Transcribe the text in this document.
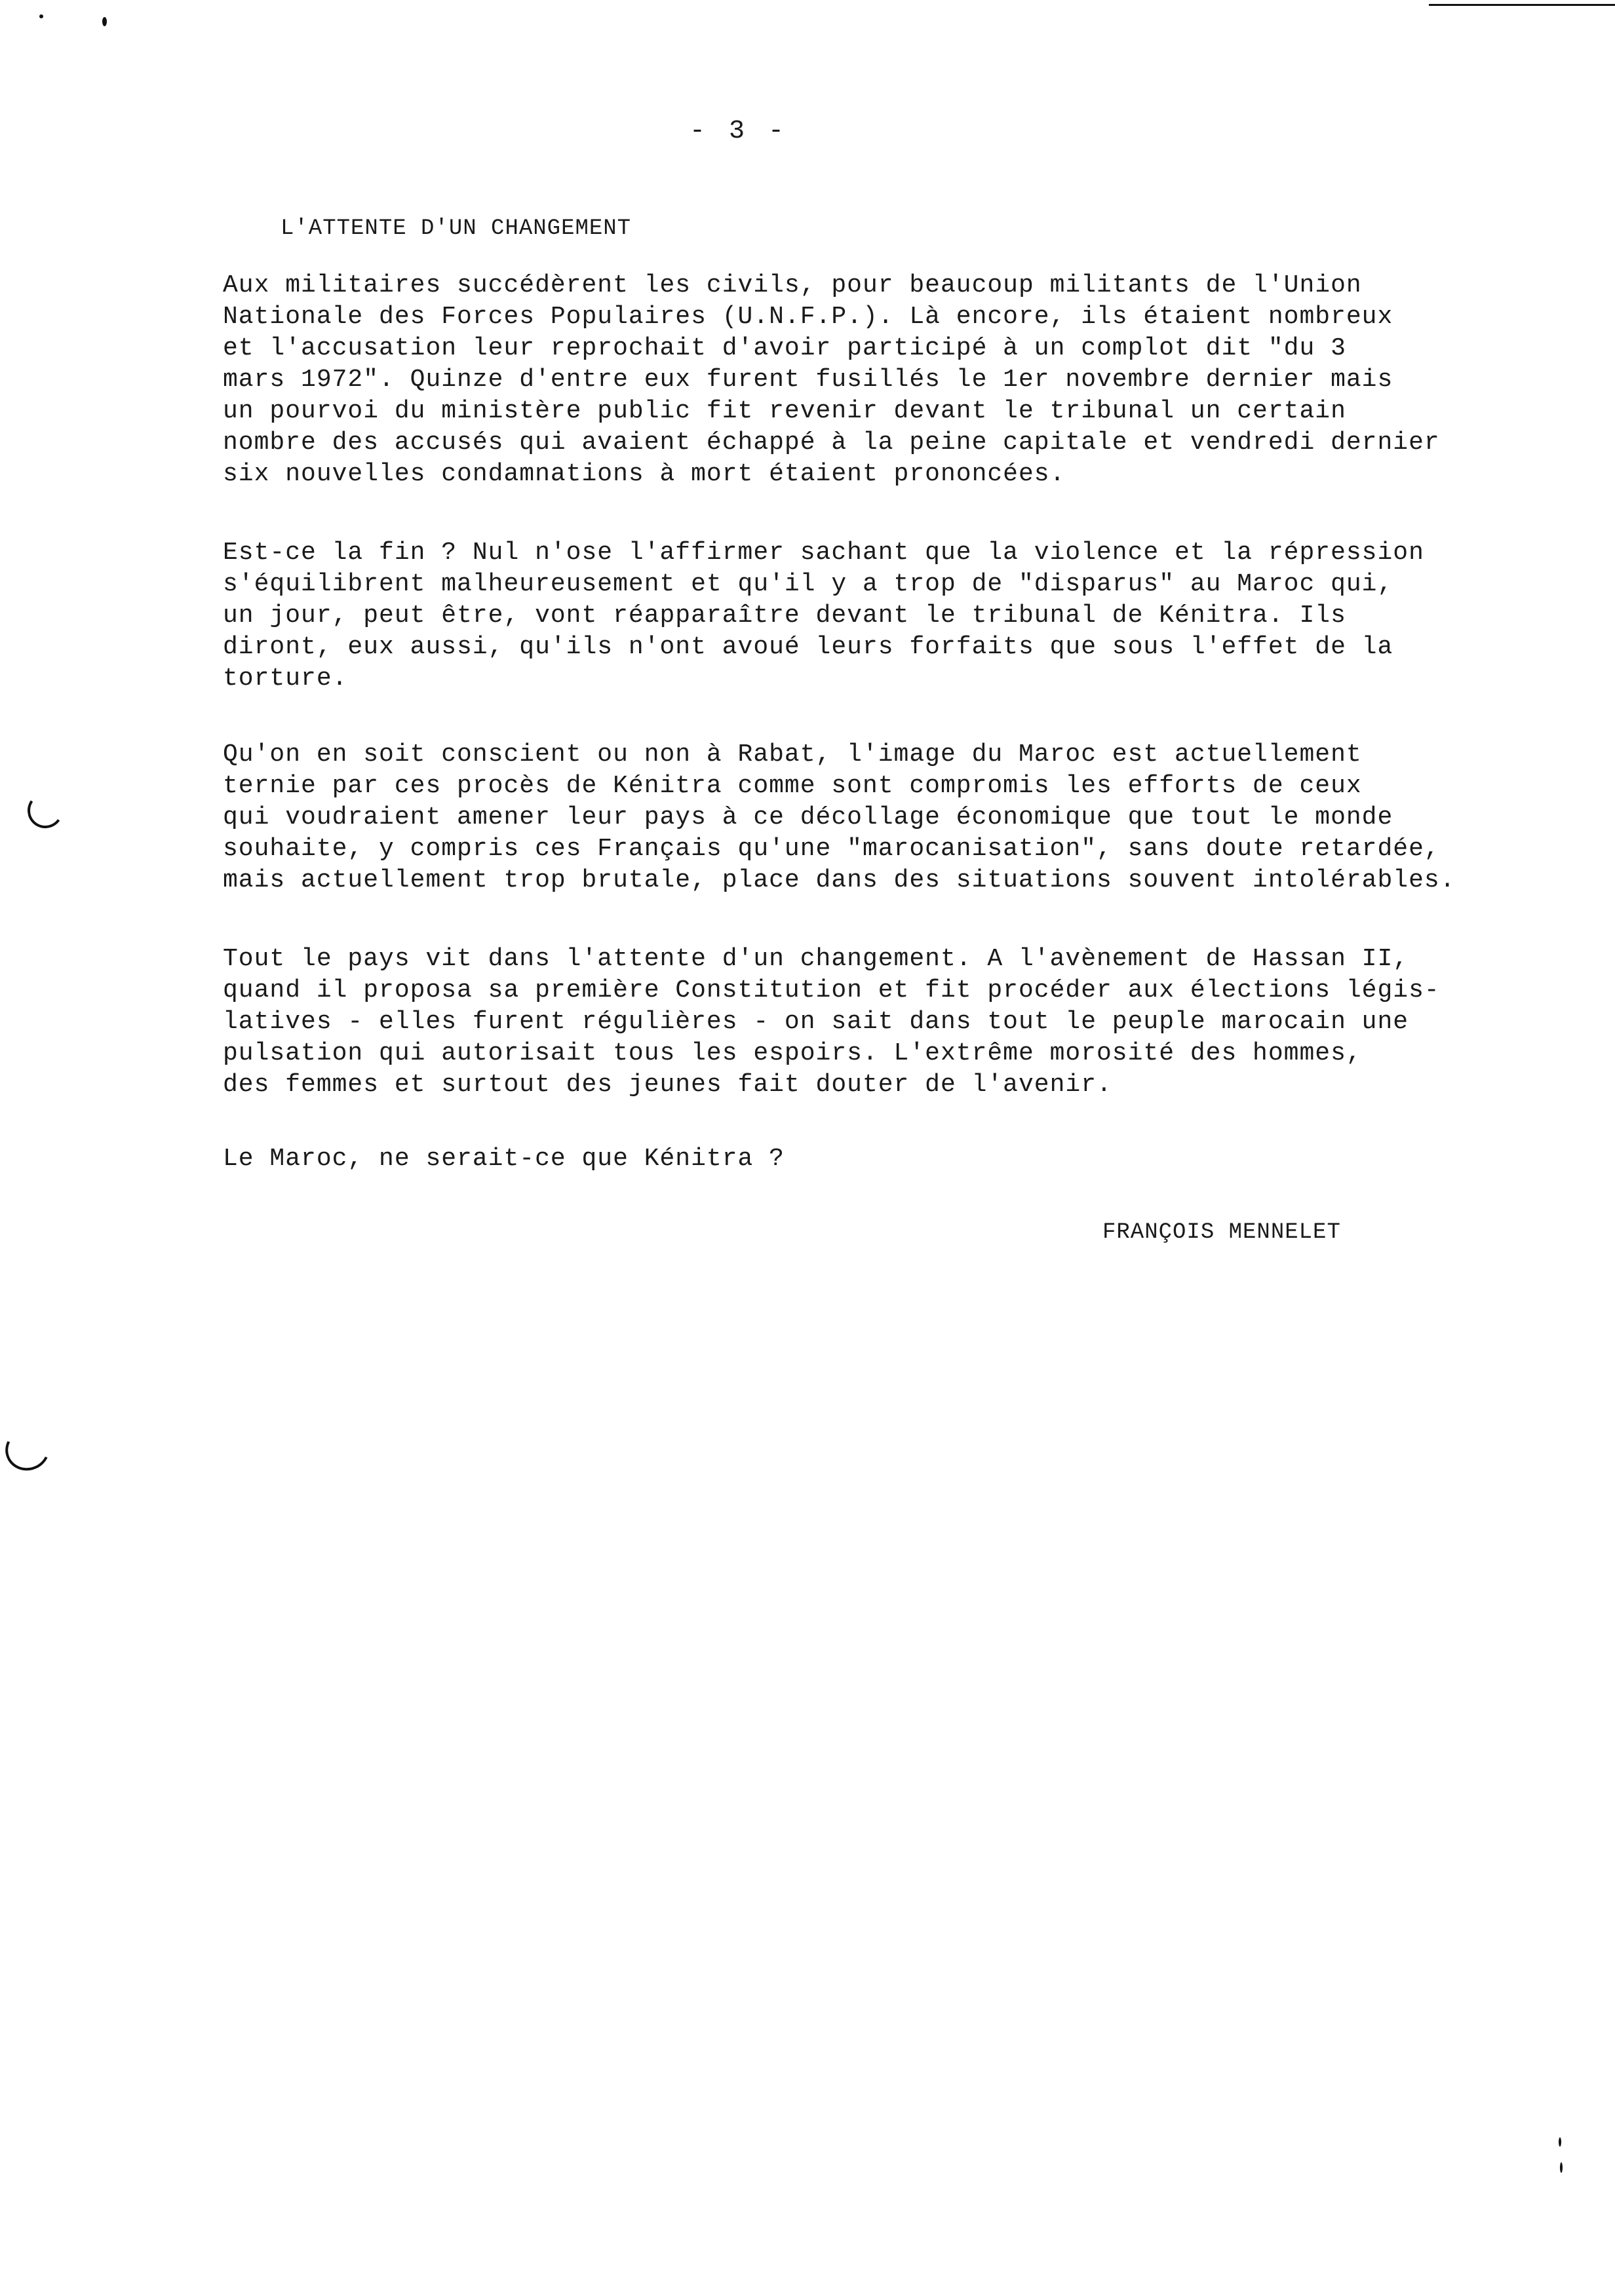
- 3 -
L'ATTENTE D'UN CHANGEMENT
Aux militaires succédèrent les civils, pour beaucoup militants de l'Union
Nationale des Forces Populaires (U.N.F.P.). Là encore, ils étaient nombreux
et l'accusation leur reprochait d'avoir participé à un complot dit "du 3
mars 1972". Quinze d'entre eux furent fusillés le 1er novembre dernier mais
un pourvoi du ministère public fit revenir devant le tribunal un certain
nombre des accusés qui avaient échappé à la peine capitale et vendredi dernier
six nouvelles condamnations à mort étaient prononcées.
Est-ce la fin ? Nul n'ose l'affirmer sachant que la violence et la répression
s'équilibrent malheureusement et qu'il y a trop de "disparus" au Maroc qui,
un jour, peut être, vont réapparaître devant le tribunal de Kénitra. Ils
diront, eux aussi, qu'ils n'ont avoué leurs forfaits que sous l'effet de la
torture.
Qu'on en soit conscient ou non à Rabat, l'image du Maroc est actuellement
ternie par ces procès de Kénitra comme sont compromis les efforts de ceux
qui voudraient amener leur pays à ce décollage économique que tout le monde
souhaite, y compris ces Français qu'une "marocanisation", sans doute retardée,
mais actuellement trop brutale, place dans des situations souvent intolérables.
Tout le pays vit dans l'attente d'un changement. A l'avènement de Hassan II,
quand il proposa sa première Constitution et fit procéder aux élections légis-
latives - elles furent régulières - on sait dans tout le peuple marocain une
pulsation qui autorisait tous les espoirs. L'extrême morosité des hommes,
des femmes et surtout des jeunes fait douter de l'avenir.
Le Maroc, ne serait-ce que Kénitra ?
FRANÇOIS MENNELET
